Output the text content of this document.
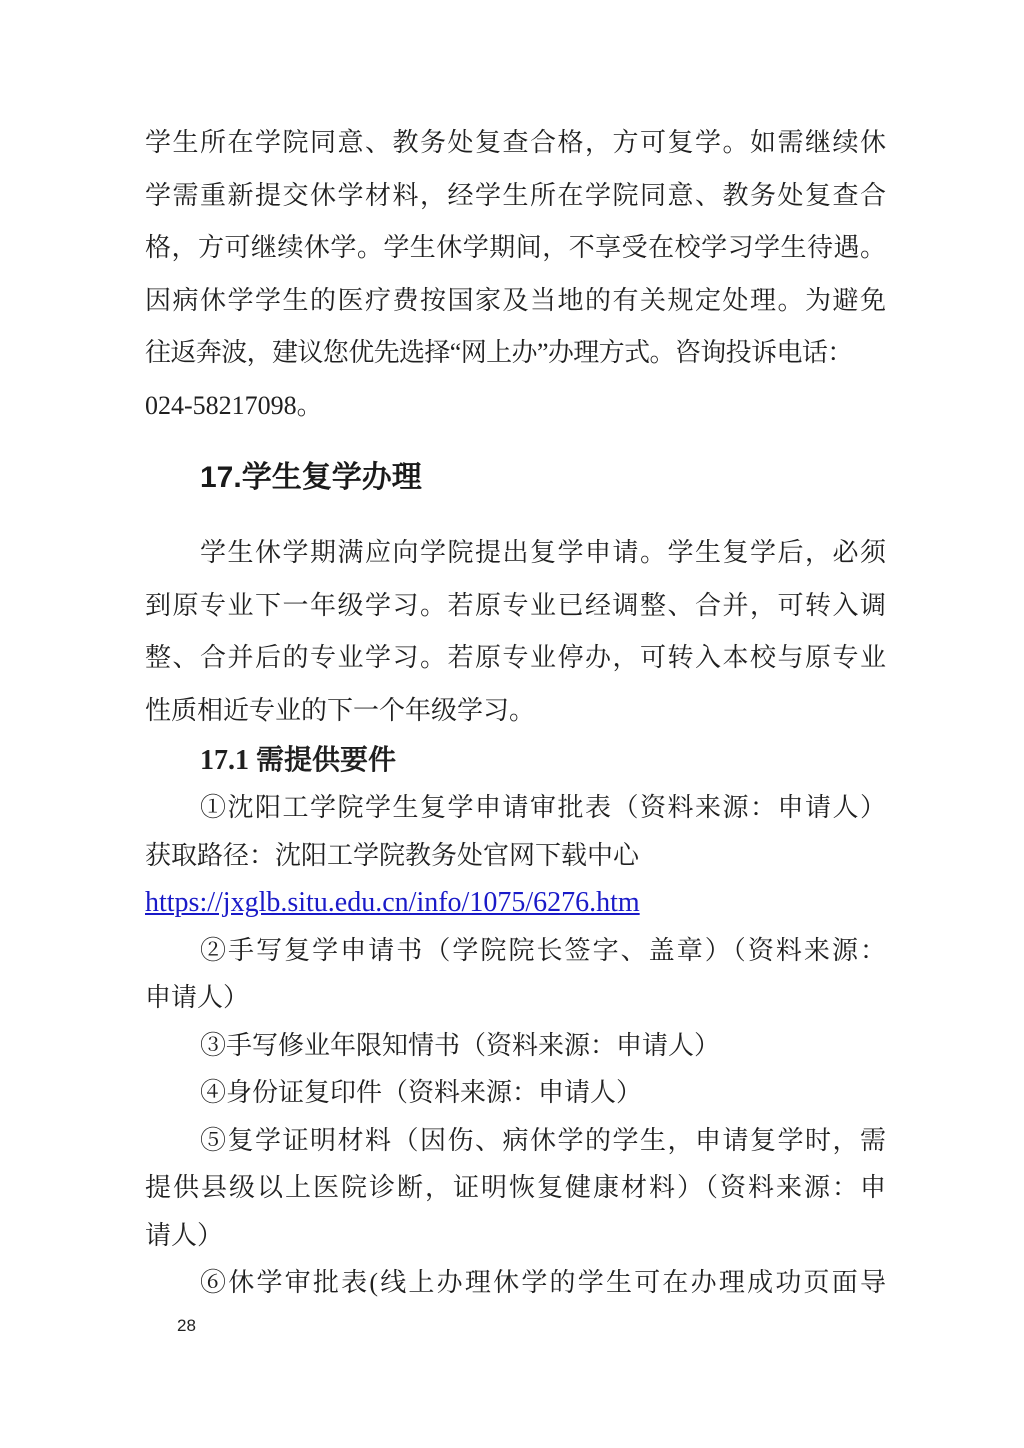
学生所在学院同意、教务处复查合格，方可复学。如需继续休
学需重新提交休学材料，经学生所在学院同意、教务处复查合
格，方可继续休学。学生休学期间，不享受在校学习学生待遇。
因病休学学生的医疗费按国家及当地的有关规定处理。为避免
往返奔波，建议您优先选择“网上办”办理方式。咨询投诉电话：
024-58217098。
17.学生复学办理
学生休学期满应向学院提出复学申请。学生复学后，必须
到原专业下一年级学习。若原专业已经调整、合并，可转入调
整、合并后的专业学习。若原专业停办，可转入本校与原专业
性质相近专业的下一个年级学习。
17.1 需提供要件
①沈阳工学院学生复学申请审批表（资料来源：申请人）
获取路径：沈阳工学院教务处官网下载中心
https://jxglb.situ.edu.cn/info/1075/6276.htm
②手写复学申请书（学院院长签字、盖章）（资料来源：
申请人）
③手写修业年限知情书（资料来源：申请人）
④身份证复印件（资料来源：申请人）
⑤复学证明材料（因伤、病休学的学生，申请复学时，需
提供县级以上医院诊断，证明恢复健康材料）（资料来源：申
请人）
⑥休学审批表(线上办理休学的学生可在办理成功页面导
28
